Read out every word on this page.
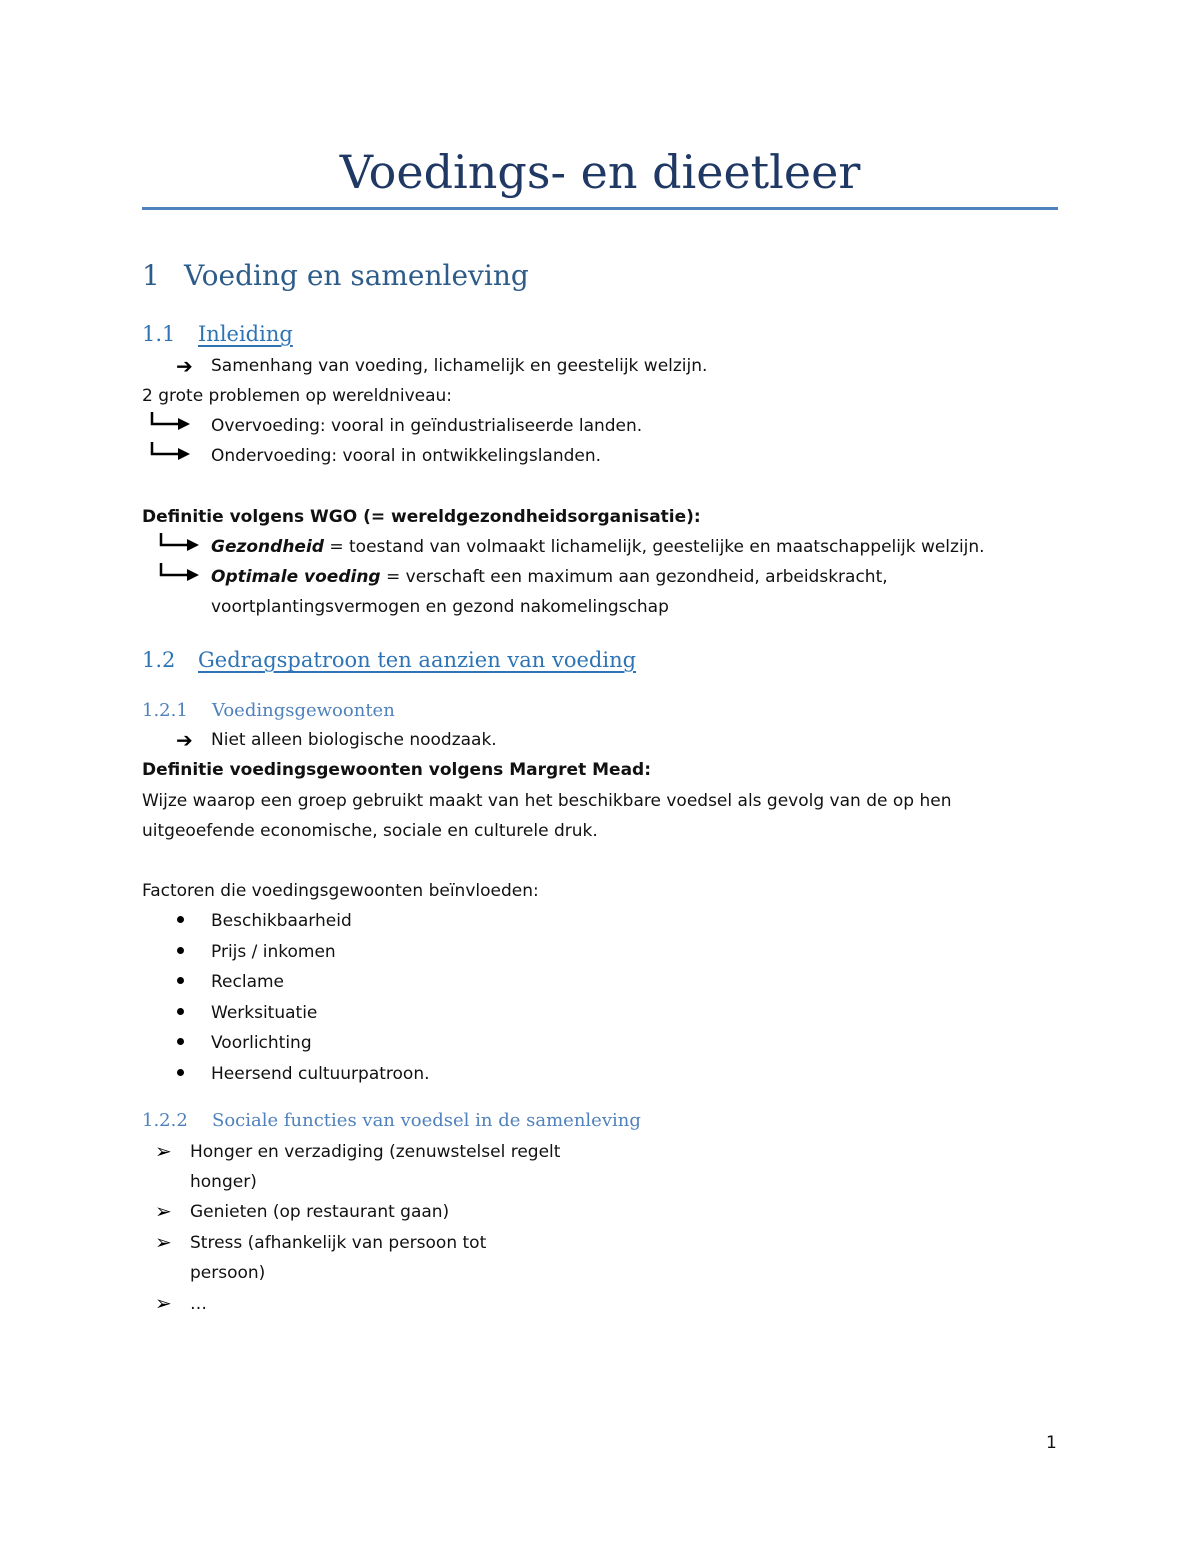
Voedings- en dieetleer
1 Voeding en samenleving
1.1 Inleiding
➔ Samenhang van voeding, lichamelijk en geestelijk welzijn.
2 grote problemen op wereldniveau:
Overvoeding: vooral in geïndustrialiseerde landen.
Ondervoeding: vooral in ontwikkelingslanden.
Definitie volgens WGO (= wereldgezondheidsorganisatie):
Gezondheid = toestand van volmaakt lichamelijk, geestelijke en maatschappelijk welzijn.
Optimale voeding = verschaft een maximum aan gezondheid, arbeidskracht,
voortplantingsvermogen en gezond nakomelingschap
1.2 Gedragspatroon ten aanzien van voeding
1.2.1 Voedingsgewoonten
➔ Niet alleen biologische noodzaak.
Definitie voedingsgewoonten volgens Margret Mead:
Wijze waarop een groep gebruikt maakt van het beschikbare voedsel als gevolg van de op hen
uitgeoefende economische, sociale en culturele druk.
Factoren die voedingsgewoonten beïnvloeden:
Beschikbaarheid
Prijs / inkomen
Reclame
Werksituatie
Voorlichting
Heersend cultuurpatroon.
1.2.2 Sociale functies van voedsel in de samenleving
➢ Honger en verzadiging (zenuwstelsel regelt
honger)
➢ Genieten (op restaurant gaan)
➢ Stress (afhankelijk van persoon tot
persoon)
➢ …
1
